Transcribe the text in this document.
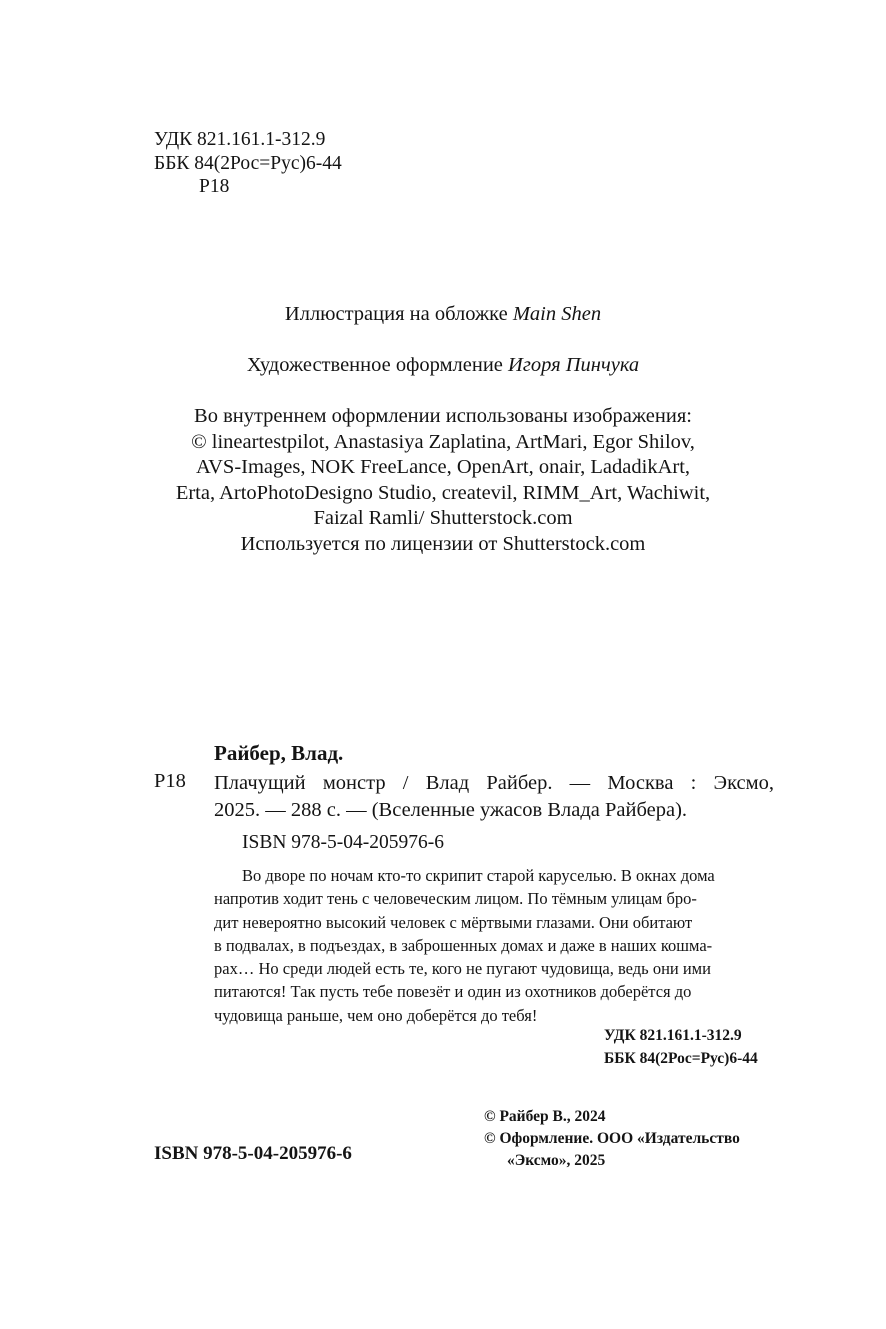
УДК 821.161.1-312.9
ББК 84(2Рос=Рус)6-44
Р18
Иллюстрация на обложке Main Shen
Художественное оформление Игоря Пинчука
Во внутреннем оформлении использованы изображения:
© lineartestpilot, Anastasiya Zaplatina, ArtMari, Egor Shilov,
AVS-Images, NOK FreeLance, OpenArt, onair, LadadikArt,
Erta, ArtoPhotoDesigno Studio, createvil, RIMM_Art, Wachiwit,
Faizal Ramli/ Shutterstock.com
Используется по лицензии от Shutterstock.com
Райбер, Влад.
Р18 Плачущий монстр / Влад Райбер. — Москва : Эксмо,
2025. — 288 с. — (Вселенные ужасов Влада Райбера).
ISBN 978-5-04-205976-6
Во дворе по ночам кто-то скрипит старой каруселью. В окнах дома
напротив ходит тень с человеческим лицом. По тёмным улицам бро-
дит невероятно высокий человек с мёртвыми глазами. Они обитают
в подвалах, в подъездах, в заброшенных домах и даже в наших кошма-
рах… Но среди людей есть те, кого не пугают чудовища, ведь они ими
питаются! Так пусть тебе повезёт и один из охотников доберётся до
чудовища раньше, чем оно доберётся до тебя!
УДК 821.161.1-312.9
ББК 84(2Рос=Рус)6-44
© Райбер В., 2024
© Оформление. ООО «Издательство
«Эксмо», 2025
ISBN 978-5-04-205976-6
